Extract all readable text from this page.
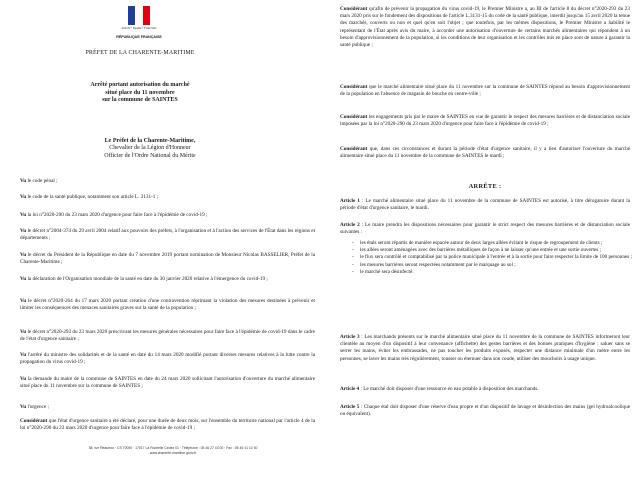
Liberté • Égalité • Fraternité
RÉPUBLIQUE FRANÇAISE
PRÉFET DE LA CHARENTE-MARITIME
Arrêté portant autorisation du marché
situé place du 11 novembre
sur la commune de SAINTES
Le Préfet de la Charente-Maritime,
Chevalier de la Légion d'Honneur
Officier de l'Ordre National du Mérite
Vu le code pénal ;
Vu le code de la santé publique, notamment son article L. 3131-1 ;
Vu la loi n°2020-290 du 23 mars 2020 d'urgence pour faire face à l'épidémie de covid-19 ;
Vu le décret n°2004-374 du 29 avril 2004 relatif aux pouvoirs des préfets, à l'organisation et à l'action des services de l'État dans les régions et départements ;
Vu le décret du Président de la République en date du 7 novembre 2019 portant nomination de Monsieur Nicolas BASSELIER, Préfet de la Charente-Maritime ;
Vu la déclaration de l'Organisation mondiale de la santé en date du 30 janvier 2020 relative à l'émergence du covid-19 ;
Vu le décret n°2020-264 du 17 mars 2020 portant création d'une contravention réprimant la violation des mesures destinées à prévenir et limiter les conséquences des menaces sanitaires graves sur la santé de la population ;
Vu le décret n°2020-293 du 23 mars 2020 prescrivant les mesures générales nécessaires pour faire face à l'épidémie de covid-19 dans le cadre de l'état d'urgence sanitaire ;
Vu l'arrêté du ministre des solidarités et de la santé en date du 14 mars 2020 modifié portant diverses mesures relatives à la lutte contre la propagation du virus covid-19 ;
Vu la demande du maire de la commune de SAINTES en date du 24 mars 2020 sollicitant l'autorisation d'ouverture du marché alimentaire situé place du 11 novembre sur la commune de SAINTES ;
Vu l'urgence ;
Considérant que l'état d'urgence sanitaire a été déclaré, pour une durée de deux mois, sur l'ensemble du territoire national par l'article 4 de la loi n°2020-290 du 23 mars 2020 d'urgence pour faire face à l'épidémie de covid-19 ;
38, rue Réaumur · CS 70000 · 17017 La Rochelle Cedex 01 · Téléphone : 05 46 27 43 00 · Fax : 05 46 41 10 30
www.charente-maritime.gouv.fr
Considérant qu'afin de prévenir la propagation du virus covid-19, le Premier Ministre a, au III de l'article 8 du décret n°2020-293 du 23 mars 2020 pris sur le fondement des dispositions de l'article L.3131-15 du code de la santé publique, interdit jusqu'au 15 avril 2020 la tenue des marchés, couverts ou non et quel qu'en soit l'objet ; que toutefois, par les mêmes dispositions, le Premier Ministre a habilité le représentant de l'État après avis du maire, à accorder une autorisation d'ouverture de certains marchés alimentaires qui répondent à un besoin d'approvisionnement de la population, si les conditions de leur organisation et les contrôles mis en place sont de nature à garantir la santé publique ;
Considérant que le marché alimentaire situé place du 11 novembre sur la commune de SAINTES répond au besoin d'approvisionnement de la population en l'absence de magasin de bouche en centre-ville ;
Considérant les engagements pris par le maire de SAINTES en vue de garantir le respect des mesures barrières et de distanciation sociale imposées par la loi n°2020-290 du 23 mars 2020 d'urgence pour faire face à l'épidémie de covid-19 ;
Considérant que, dans ces circonstances et durant la période d'état d'urgence sanitaire, il y a lieu d'autoriser l'ouverture du marché alimentaire situé place du 11 novembre de la commune de SAINTES le mardi ;
ARRÊTE :
Article 1 : Le marché alimentaire situé place du 11 novembre de la commune de SAINTES est autorisé, à titre dérogatoire durant la période d'état d'urgence sanitaire, le mardi.
Article 2 : Le maire prendra les dispositions nécessaires pour garantir le strict respect des mesures barrières et de distanciation sociale suivantes :
- les étals seront répartis de manière espacée autour de deux larges allées évitant le risque de regroupement de clients ;
- les allées seront aménagées avec des barrières métalliques de façon à ne laisser qu'une entrée et une sortie ouvertes ;
- le flux sera contrôlé et comptabilisé par la police municipale à l'entrée et à la sortie pour faire respecter la limite de 100 personnes ;
- les mesures barrières seront respectées notamment par le marquage au sol ;
- le marché sera désinfecté.
Article 3 : Les marchands présents sur le marché alimentaire situé place du 11 novembre de la commune de SAINTES informeront leur clientèle au moyen d'un dispositif à leur convenance (affichette) des gestes barrières et des bonnes pratiques d'hygiène : saluer sans se serrer les mains, éviter les embrassades, ne pas toucher les produits exposés, respecter une distance minimale d'un mètre entre les personnes, se laver les mains très régulièrement, tousser ou éternuer dans son coude, utiliser des mouchoirs à usage unique.
Article 4 : Le marché doit disposer d'une ressource en eau potable à disposition des marchands.
Article 5 : Chaque étal doit disposer d'une réserve d'eau propre et d'un dispositif de lavage et désinfection des mains (gel hydroalcoolique ou équivalent).
